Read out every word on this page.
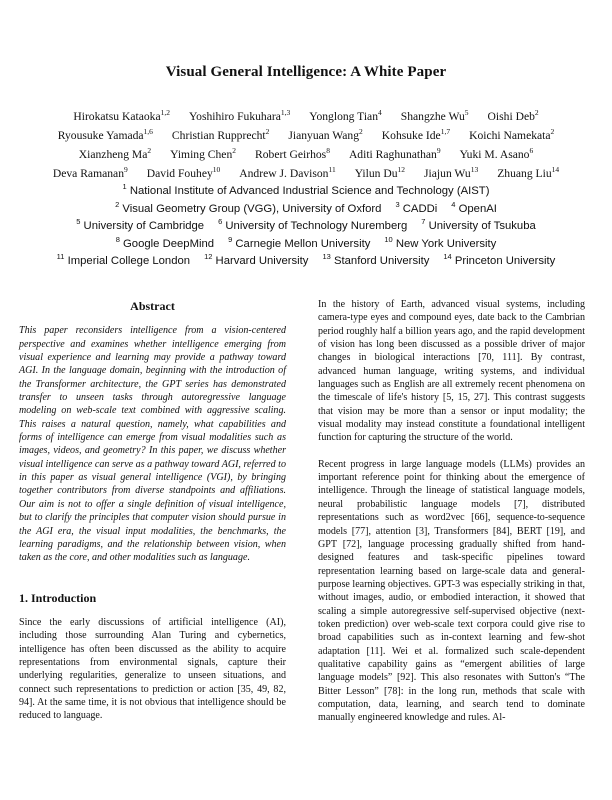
Visual General Intelligence: A White Paper
Hirokatsu Kataoka$^{1,2}$ Yoshihiro Fukuhara$^{1,3}$ Yonglong Tian$^4$ Shangzhe Wu$^5$ Oishi Deb$^2$
Ryousuke Yamada$^{1,6}$ Christian Rupprecht$^2$ Jianyuan Wang$^2$ Kohsuke Ide$^{1,7}$ Koichi Namekata$^2$
Xianzheng Ma$^2$ Yiming Chen$^2$ Robert Geirhos$^8$ Aditi Raghunathan$^9$ Yuki M. Asano$^6$
Deva Ramanan$^9$ David Fouhey$^{10}$ Andrew J. Davison$^{11}$ Yilun Du$^{12}$ Jiajun Wu$^{13}$ Zhuang Liu$^{14}$
$^1$ National Institute of Advanced Industrial Science and Technology (AIST)
$^2$ Visual Geometry Group (VGG), University of Oxford $^3$ CADDi $^4$ OpenAI
$^5$ University of Cambridge $^6$ University of Technology Nuremberg $^7$ University of Tsukuba
$^8$ Google DeepMind $^9$ Carnegie Mellon University $^{10}$ New York University
$^{11}$ Imperial College London $^{12}$ Harvard University $^{13}$ Stanford University $^{14}$ Princeton University
Abstract

This paper reconsiders intelligence from a vision-centered perspective and examines whether intelligence emerging from visual experience and learning may provide a pathway toward AGI. In the language domain, beginning with the introduction of the Transformer architecture, the GPT series has demonstrated transfer to unseen tasks through autoregressive language modeling on web-scale text combined with aggressive scaling. This raises a natural question, namely, what capabilities and forms of intelligence can emerge from visual modalities such as images, videos, and geometry? In this paper, we discuss whether visual intelligence can serve as a pathway toward AGI, referred to in this paper as visual general intelligence (VGI), by bringing together contributors from diverse standpoints and affiliations. Our aim is not to offer a single definition of visual intelligence, but to clarify the principles that computer vision should pursue in the AGI era, the visual input modalities, the benchmarks, the learning paradigms, and the relationship between vision, when taken as the core, and other modalities such as language.

1. Introduction

Since the early discussions of artificial intelligence (AI), including those surrounding Alan Turing and cybernetics, intelligence has often been discussed as the ability to acquire representations from environmental signals, capture their underlying regularities, generalize to unseen situations, and connect such representations to prediction or action [35, 49, 82, 94]. At the same time, it is not obvious that intelligence should be reduced to language.

In the history of Earth, advanced visual systems, including camera-type eyes and compound eyes, date back to the Cambrian period roughly half a billion years ago, and the rapid development of vision has long been discussed as a possible driver of major changes in biological interactions [70, 111]. By contrast, advanced human language, writing systems, and individual languages such as English are all extremely recent phenomena on the timescale of life's history [5, 15, 27]. This contrast suggests that vision may be more than a sensor or input modality; the visual modality may instead constitute a foundational intelligent function for capturing the structure of the world.

Recent progress in large language models (LLMs) provides an important reference point for thinking about the emergence of intelligence. Through the lineage of statistical language models, neural probabilistic language models [7], distributed representations such as word2vec [66], sequence-to-sequence models [77], attention [3], Transformers [84], BERT [19], and GPT [72], language processing gradually shifted from hand-designed features and task-specific pipelines toward representation learning based on large-scale data and general-purpose learning objectives. GPT-3 was especially striking in that, without images, audio, or embodied interaction, it showed that scaling a simple autoregressive self-supervised objective (next-token prediction) over web-scale text corpora could give rise to broad capabilities such as in-context learning and few-shot adaptation [11]. Wei et al. formalized such scale-dependent qualitative capability gains as “emergent abilities of large language models” [92]. This also resonates with Sutton's “The Bitter Lesson” [78]: in the long run, methods that scale with computation, data, learning, and search tend to dominate manually engineered knowledge and rules. Al-
